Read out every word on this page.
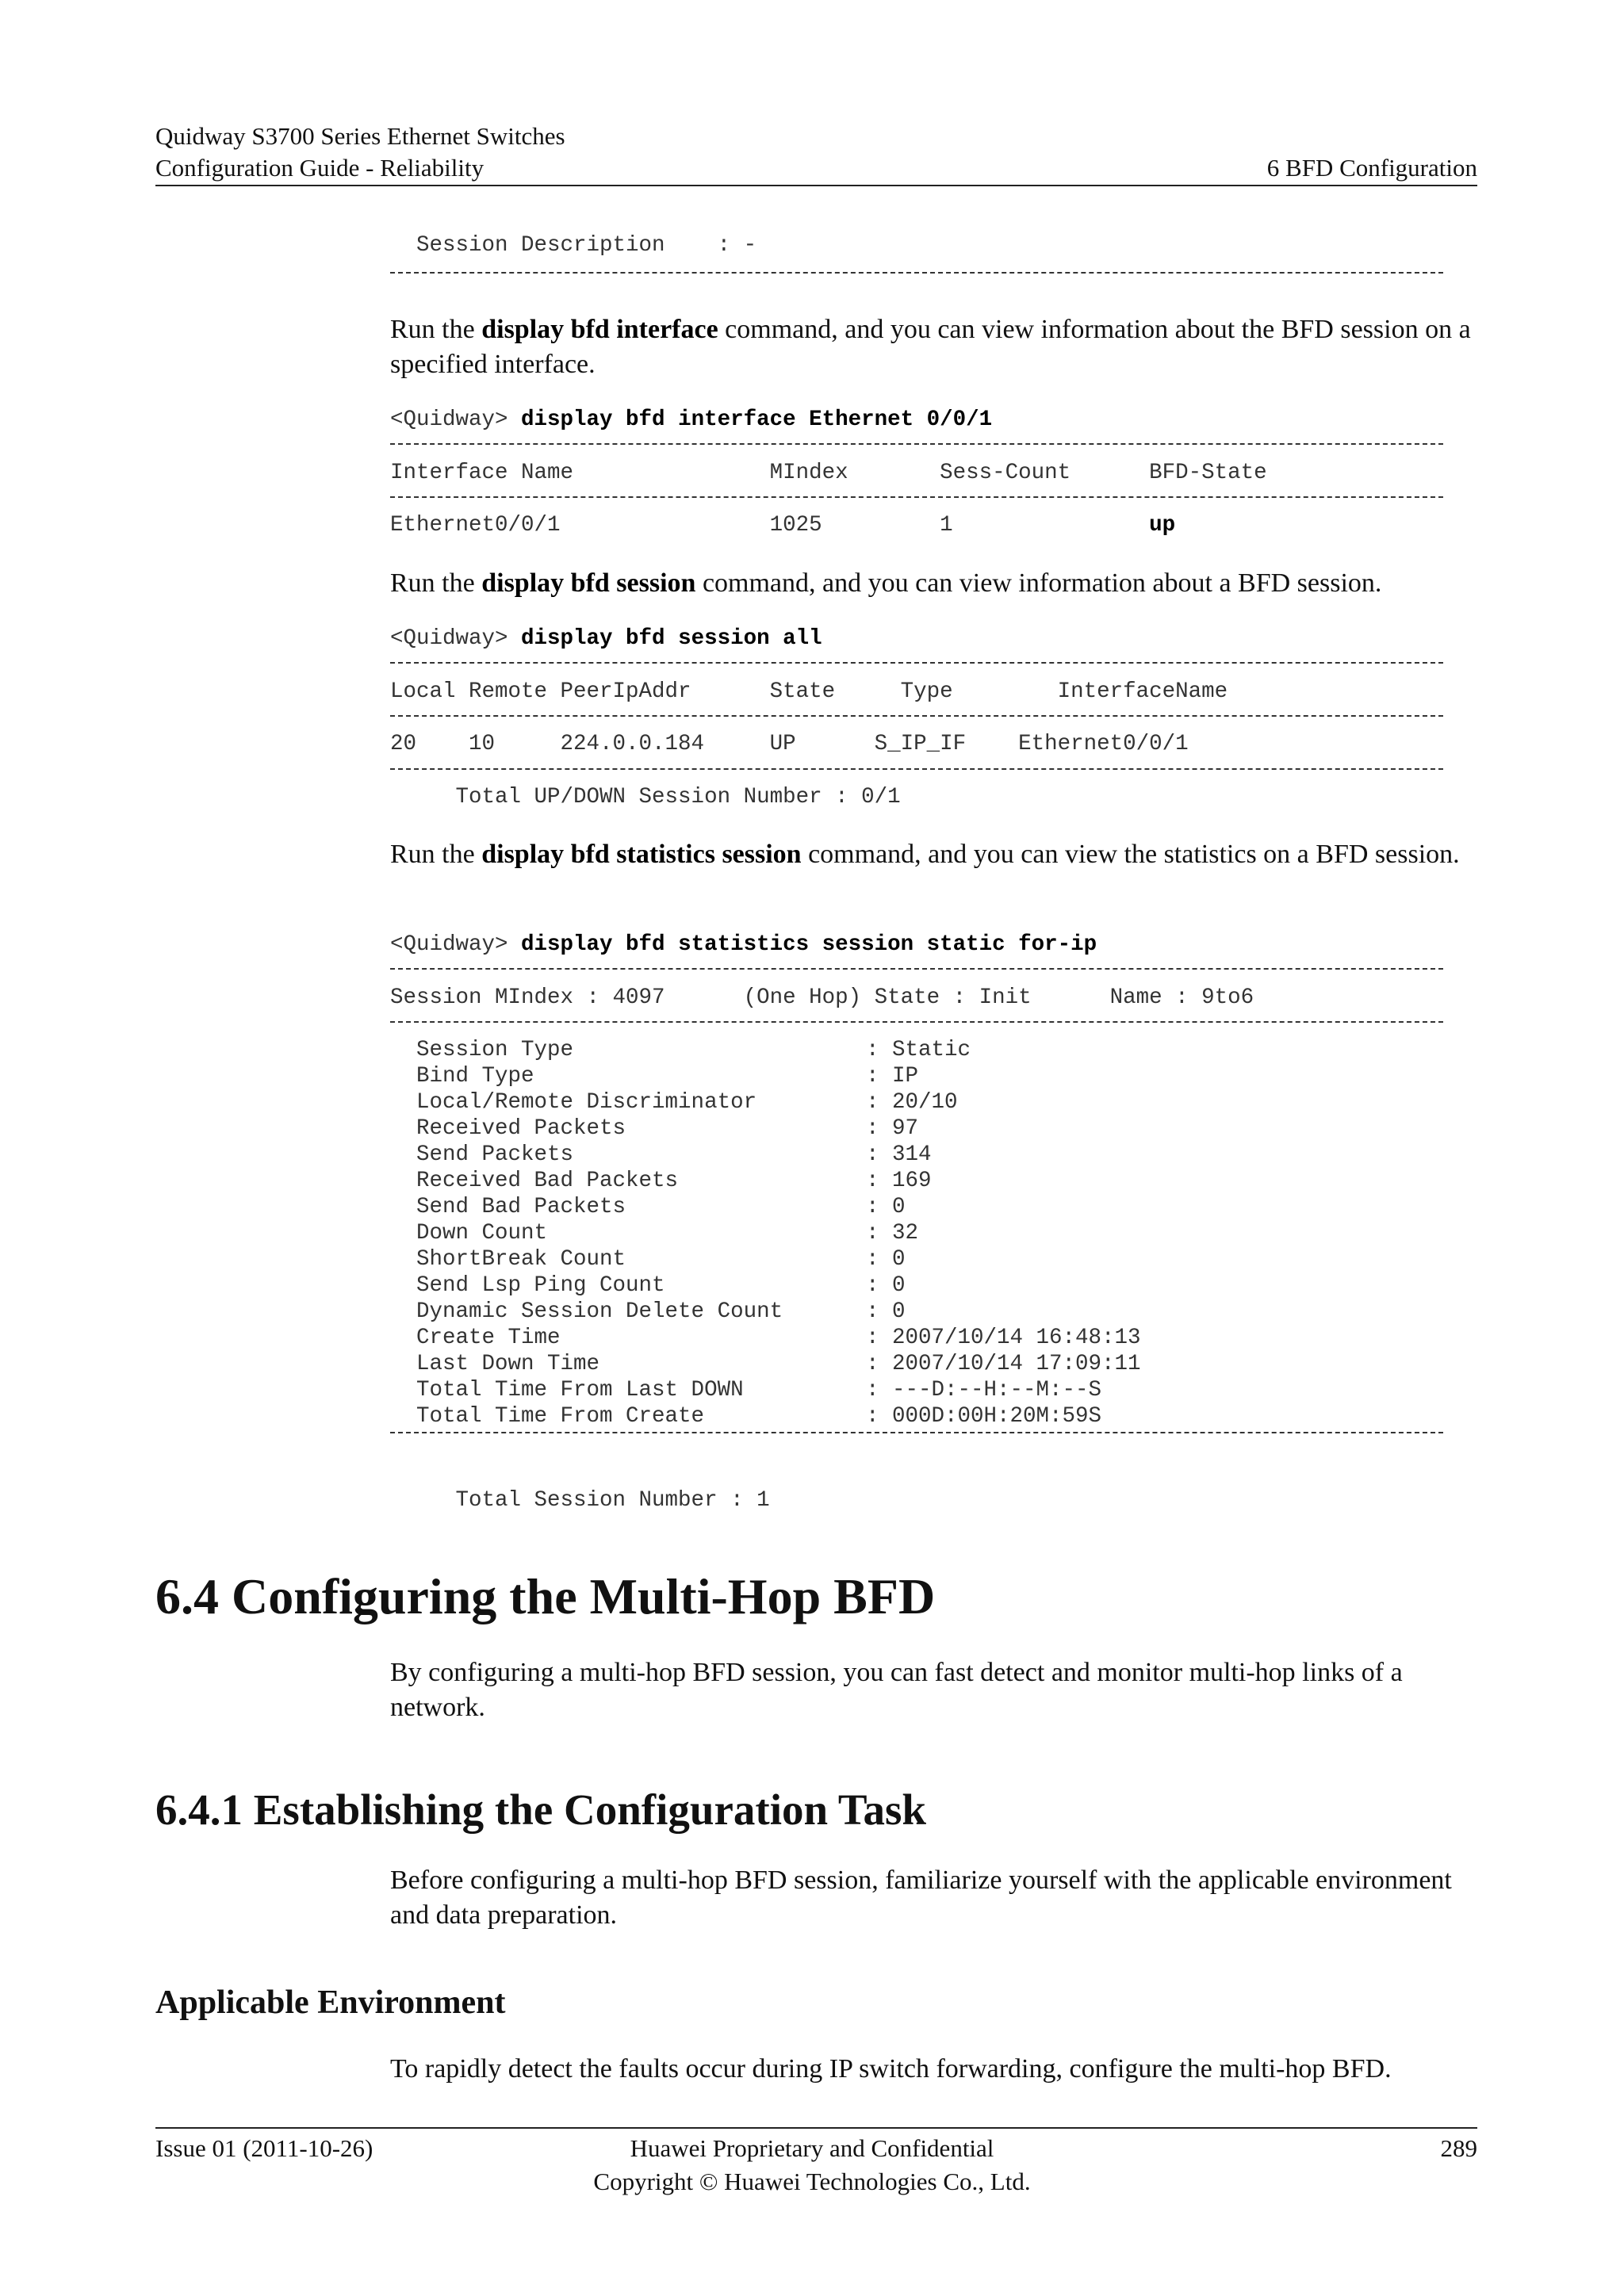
Quidway S3700 Series Ethernet Switches
Configuration Guide - Reliability	6 BFD Configuration
Session Description    : -
Run the display bfd interface command, and you can view information about the BFD session on a specified interface.
<Quidway> display bfd interface Ethernet 0/0/1
Interface Name               MIndex       Sess-Count      BFD-State
Ethernet0/0/1                1025         1               up
Run the display bfd session command, and you can view information about a BFD session.
<Quidway> display bfd session all
Local Remote PeerIpAddr      State     Type        InterfaceName
20    10     224.0.0.184     UP      S_IP_IF    Ethernet0/0/1
Total UP/DOWN Session Number : 0/1
Run the display bfd statistics session command, and you can view the statistics on a BFD session.
<Quidway> display bfd statistics session static for-ip
Session MIndex : 4097      (One Hop) State : Init      Name : 9to6
Session Type	: Static
Bind Type	: IP
Local/Remote Discriminator	: 20/10
Received Packets	: 97
Send Packets	: 314
Received Bad Packets	: 169
Send Bad Packets	: 0
Down Count	: 32
ShortBreak Count	: 0
Send Lsp Ping Count	: 0
Dynamic Session Delete Count	: 0
Create Time	: 2007/10/14 16:48:13
Last Down Time	: 2007/10/14 17:09:11
Total Time From Last DOWN	: ---D:--H:--M:--S
Total Time From Create	: 000D:00H:20M:59S
Total Session Number : 1
6.4 Configuring the Multi-Hop BFD
By configuring a multi-hop BFD session, you can fast detect and monitor multi-hop links of a network.
6.4.1 Establishing the Configuration Task
Before configuring a multi-hop BFD session, familiarize yourself with the applicable environment and data preparation.
Applicable Environment
To rapidly detect the faults occur during IP switch forwarding, configure the multi-hop BFD.
Issue 01 (2011-10-26)	Huawei Proprietary and Confidential
Copyright © Huawei Technologies Co., Ltd.
289
